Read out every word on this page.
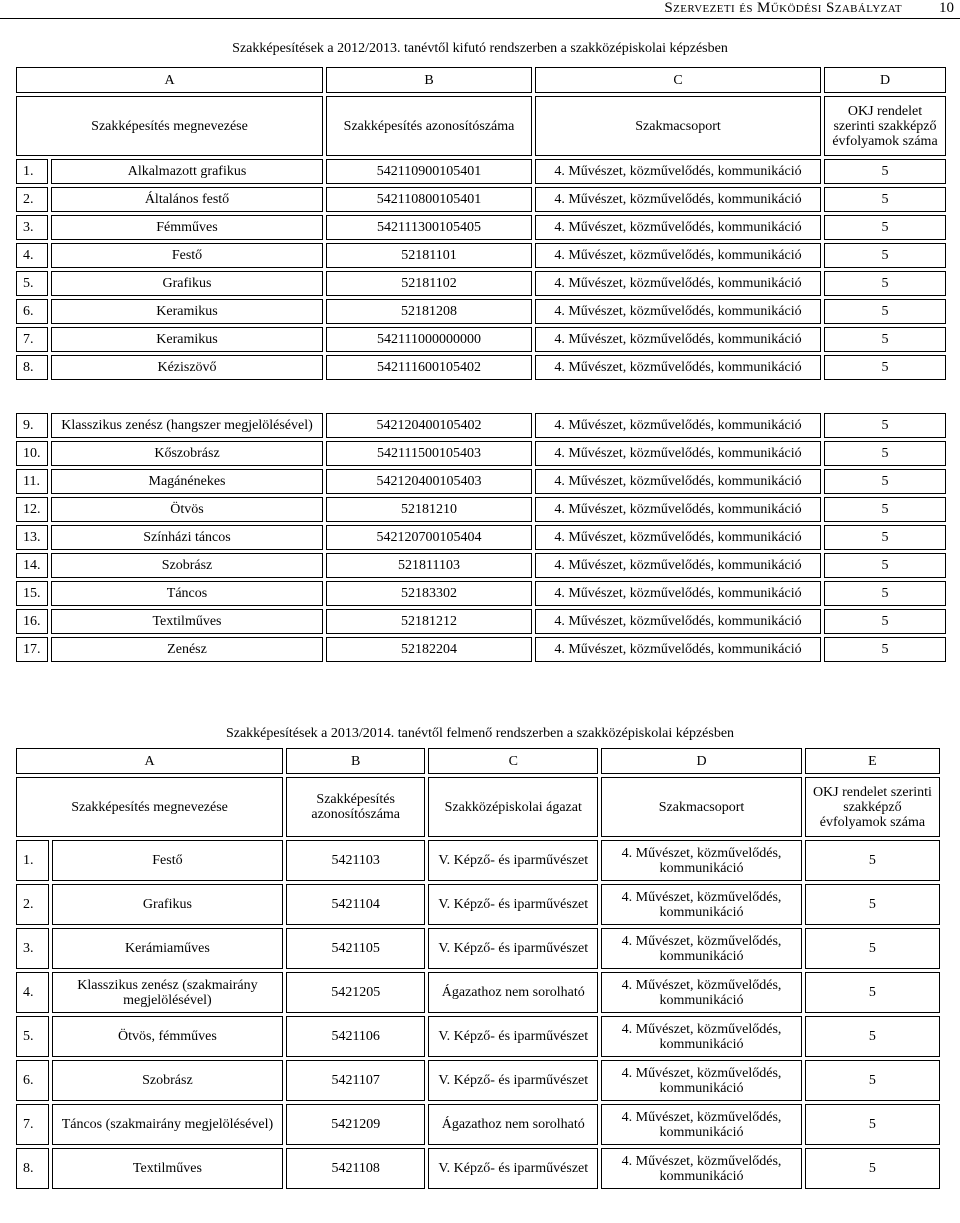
Szervezeti és Működési Szabályzat 10
Szakképesítések a 2012/2013. tanévtől kifutó rendszerben a szakközépiskolai képzésben
A		B	C	D
Szakképesítés megnevezése		Szakképesítés azonosítószáma	Szakmacsoport	OKJ rendelet szerinti szakképző évfolyamok száma
1.	Alkalmazott grafikus	542110900105401	4. Művészet, közművelődés, kommunikáció	5
2.	Általános festő	542110800105401	4. Művészet, közművelődés, kommunikáció	5
3.	Fémműves	542111300105405	4. Művészet, közművelődés, kommunikáció	5
4.	Festő	52181101	4. Művészet, közművelődés, kommunikáció	5
5.	Grafikus	52181102	4. Művészet, közművelődés, kommunikáció	5
6.	Keramikus	52181208	4. Művészet, közművelődés, kommunikáció	5
7.	Keramikus	542111000000000	4. Művészet, közművelődés, kommunikáció	5
8.	Kéziszövő	542111600105402	4. Művészet, közművelődés, kommunikáció	5

9.	Klasszikus zenész (hangszer megjelölésével)	542120400105402	4. Művészet, közművelődés, kommunikáció	5
10.	Kőszobrász	542111500105403	4. Művészet, közművelődés, kommunikáció	5
11.	Magánénekes	542120400105403	4. Művészet, közművelődés, kommunikáció	5
12.	Ötvös	52181210	4. Művészet, közművelődés, kommunikáció	5
13.	Színházi táncos	542120700105404	4. Művészet, közművelődés, kommunikáció	5
14.	Szobrász	521811103	4. Művészet, közművelődés, kommunikáció	5
15.	Táncos	52183302	4. Művészet, közművelődés, kommunikáció	5
16.	Textilműves	52181212	4. Művészet, közművelődés, kommunikáció	5
17.	Zenész	52182204	4. Művészet, közművelődés, kommunikáció	5
Szakképesítések a 2013/2014. tanévtől felmenő rendszerben a szakközépiskolai képzésben
A		B	C	D	E
Szakképesítés megnevezése		Szakképesítés azonosítószáma	Szakközépiskolai ágazat	Szakmacsoport	OKJ rendelet szerinti szakképző évfolyamok száma
1.	Festő	5421103	V. Képző- és iparművészet	4. Művészet, közművelődés, kommunikáció	5
2.	Grafikus	5421104	V. Képző- és iparművészet	4. Művészet, közművelődés, kommunikáció	5
3.	Kerámiaműves	5421105	V. Képző- és iparművészet	4. Művészet, közművelődés, kommunikáció	5
4.	Klasszikus zenész (szakmairány megjelölésével)	5421205	Ágazathoz nem sorolható	4. Művészet, közművelődés, kommunikáció	5
5.	Ötvös, fémműves	5421106	V. Képző- és iparművészet	4. Művészet, közművelődés, kommunikáció	5
6.	Szobrász	5421107	V. Képző- és iparművészet	4. Művészet, közművelődés, kommunikáció	5
7.	Táncos (szakmairány megjelölésével)	5421209	Ágazathoz nem sorolható	4. Művészet, közművelődés, kommunikáció	5
8.	Textilműves	5421108	V. Képző- és iparművészet	4. Művészet, közművelődés, kommunikáció	5
